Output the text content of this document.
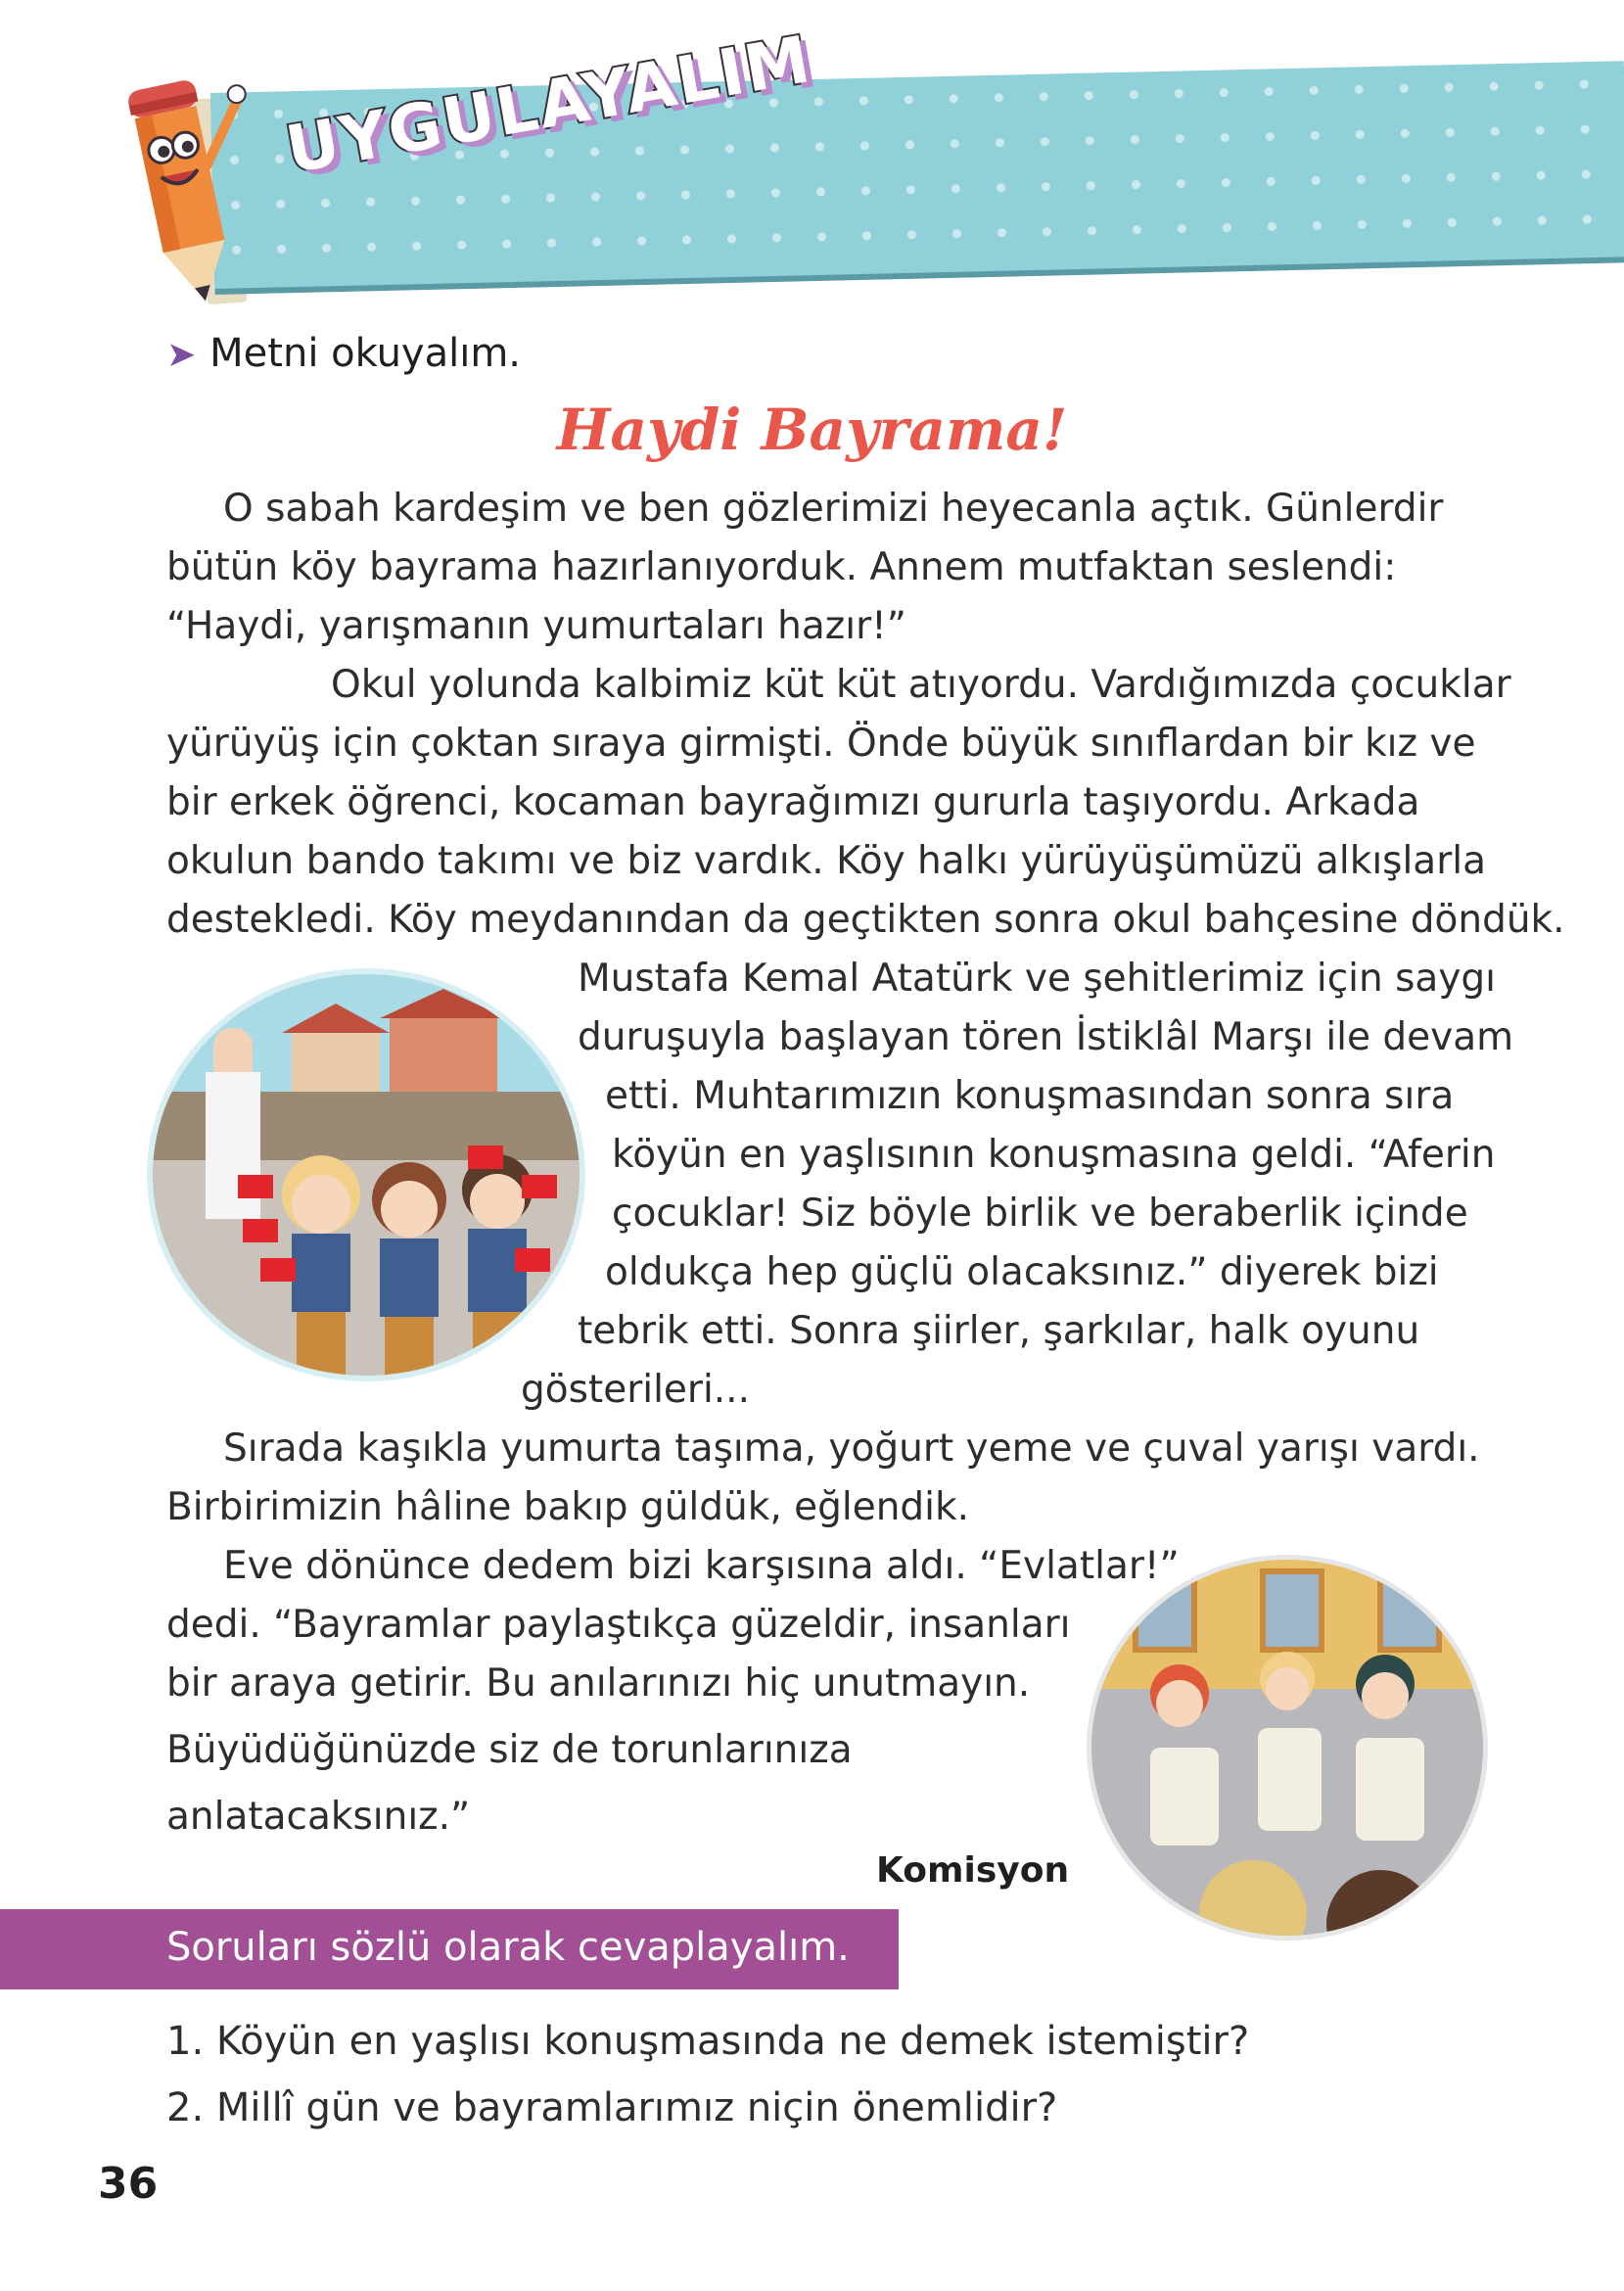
UYGULAYALIM
➤ Metni okuyalım.
Haydi Bayrama!
O sabah kardeşim ve ben gözlerimizi heyecanla açtık. Günlerdir
bütün köy bayrama hazırlanıyorduk. Annem mutfaktan seslendi:
“Haydi, yarışmanın yumurtaları hazır!”
Okul yolunda kalbimiz küt küt atıyordu. Vardığımızda çocuklar
yürüyüş için çoktan sıraya girmişti. Önde büyük sınıflardan bir kız ve
bir erkek öğrenci, kocaman bayrağımızı gururla taşıyordu. Arkada
okulun bando takımı ve biz vardık. Köy halkı yürüyüşümüzü alkışlarla
destekledi. Köy meydanından da geçtikten sonra okul bahçesine döndük.
Mustafa Kemal Atatürk ve şehitlerimiz için saygı
duruşuyla başlayan tören İstiklâl Marşı ile devam
etti. Muhtarımızın konuşmasından sonra sıra
köyün en yaşlısının konuşmasına geldi. “Aferin
çocuklar! Siz böyle birlik ve beraberlik içinde
oldukça hep güçlü olacaksınız.” diyerek bizi
tebrik etti. Sonra şiirler, şarkılar, halk oyunu
gösterileri...
Sırada kaşıkla yumurta taşıma, yoğurt yeme ve çuval yarışı vardı.
Birbirimizin hâline bakıp güldük, eğlendik.
Eve dönünce dedem bizi karşısına aldı. “Evlatlar!”
dedi. “Bayramlar paylaştıkça güzeldir, insanları
bir araya getirir. Bu anılarınızı hiç unutmayın.
Büyüdüğünüzde siz de torunlarınıza
anlatacaksınız.”
Komisyon
Soruları sözlü olarak cevaplayalım.
1. Köyün en yaşlısı konuşmasında ne demek istemiştir?
2. Millî gün ve bayramlarımız niçin önemlidir?
36
